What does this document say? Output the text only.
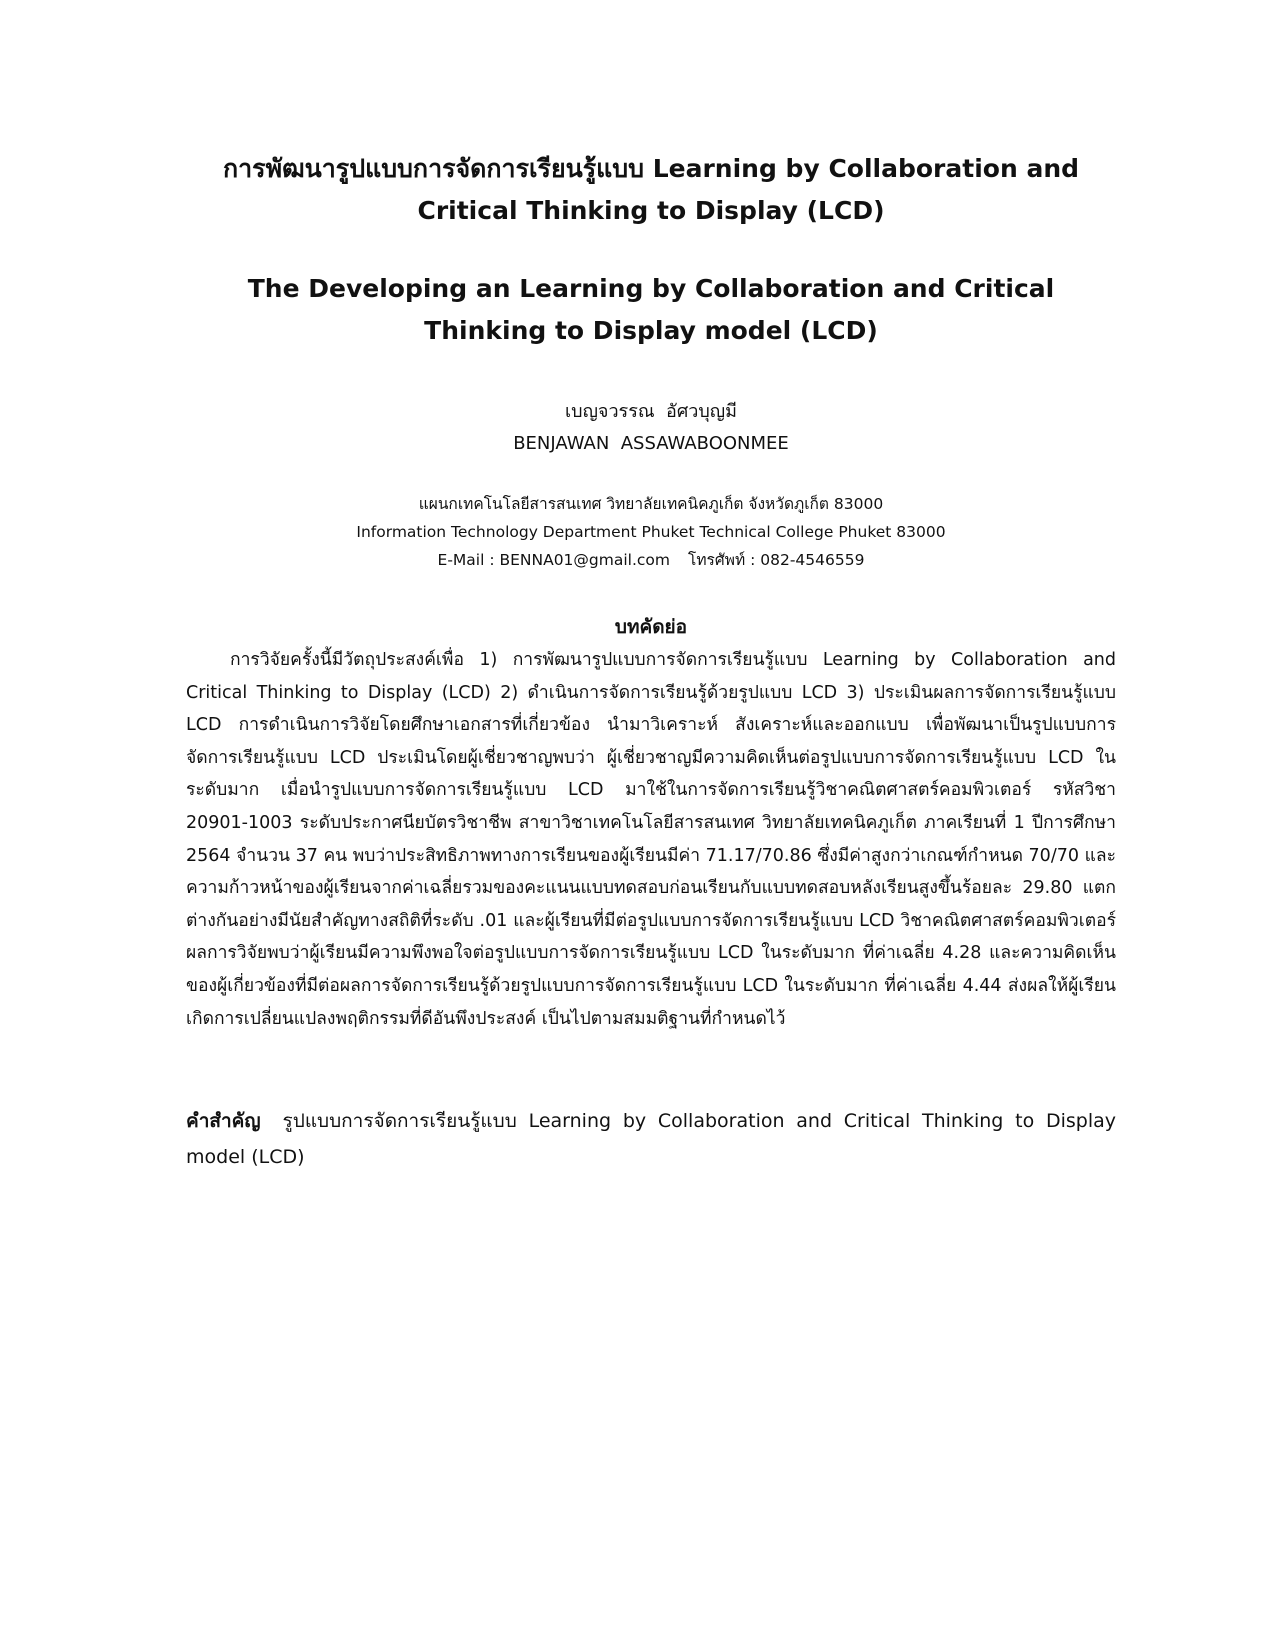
การพัฒนารูปแบบการจัดการเรียนรู้แบบ Learning by Collaboration and Critical Thinking to Display (LCD)
The Developing an Learning by Collaboration and Critical Thinking to Display model (LCD)
เบญจวรรณ  อัศวบุญมี
BENJAWAN  ASSAWABOONMEE
แผนกเทคโนโลยีสารสนเทศ วิทยาลัยเทคนิคภูเก็ต จังหวัดภูเก็ต 83000
Information Technology Department Phuket Technical College Phuket 83000
E-Mail : BENNA01@gmail.com โทรศัพท์ : 082-4546559
บทคัดย่อ

การวิจัยครั้งนี้มีวัตถุประสงค์เพื่อ 1) การพัฒนารูปแบบการจัดการเรียนรู้แบบ Learning by Collaboration and Critical Thinking to Display (LCD) 2) ดำเนินการจัดการเรียนรู้ด้วยรูปแบบ LCD 3) ประเมินผลการจัดการเรียนรู้แบบ LCD การดำเนินการวิจัยโดยศึกษาเอกสารที่เกี่ยวข้อง นำมาวิเคราะห์ สังเคราะห์และออกแบบ เพื่อพัฒนาเป็นรูปแบบการจัดการเรียนรู้แบบ LCD ประเมินโดยผู้เชี่ยวชาญพบว่า ผู้เชี่ยวชาญมีความคิดเห็นต่อรูปแบบการจัดการเรียนรู้แบบ LCD ในระดับมาก เมื่อนำรูปแบบการจัดการเรียนรู้แบบ LCD มาใช้ในการจัดการเรียนรู้วิชาคณิตศาสตร์คอมพิวเตอร์ รหัสวิชา 20901-1003 ระดับประกาศนียบัตรวิชาชีพ สาขาวิชาเทคโนโลยีสารสนเทศ วิทยาลัยเทคนิคภูเก็ต ภาคเรียนที่ 1 ปีการศึกษา 2564 จำนวน 37 คน พบว่าประสิทธิภาพทางการเรียนของผู้เรียนมีค่า 71.17/70.86 ซึ่งมีค่าสูงกว่าเกณฑ์กำหนด 70/70 และความก้าวหน้าของผู้เรียนจากค่าเฉลี่ยรวมของคะแนนแบบทดสอบก่อนเรียนกับแบบทดสอบหลังเรียนสูงขึ้นร้อยละ 29.80 แตกต่างกันอย่างมีนัยสำคัญทางสถิติที่ระดับ .01 และผู้เรียนที่มีต่อรูปแบบการจัดการเรียนรู้แบบ LCD วิชาคณิตศาสตร์คอมพิวเตอร์ ผลการวิจัยพบว่าผู้เรียนมีความพึงพอใจต่อรูปแบบการจัดการเรียนรู้แบบ LCD ในระดับมาก ที่ค่าเฉลี่ย 4.28 และความคิดเห็นของผู้เกี่ยวข้องที่มีต่อผลการจัดการเรียนรู้ด้วยรูปแบบการจัดการเรียนรู้แบบ LCD ในระดับมาก ที่ค่าเฉลี่ย 4.44 ส่งผลให้ผู้เรียนเกิดการเปลี่ยนแปลงพฤติกรรมที่ดีอันพึงประสงค์ เป็นไปตามสมมติฐานที่กำหนดไว้

คำสำคัญ รูปแบบการจัดการเรียนรู้แบบ Learning by Collaboration and Critical Thinking to Display model (LCD)
